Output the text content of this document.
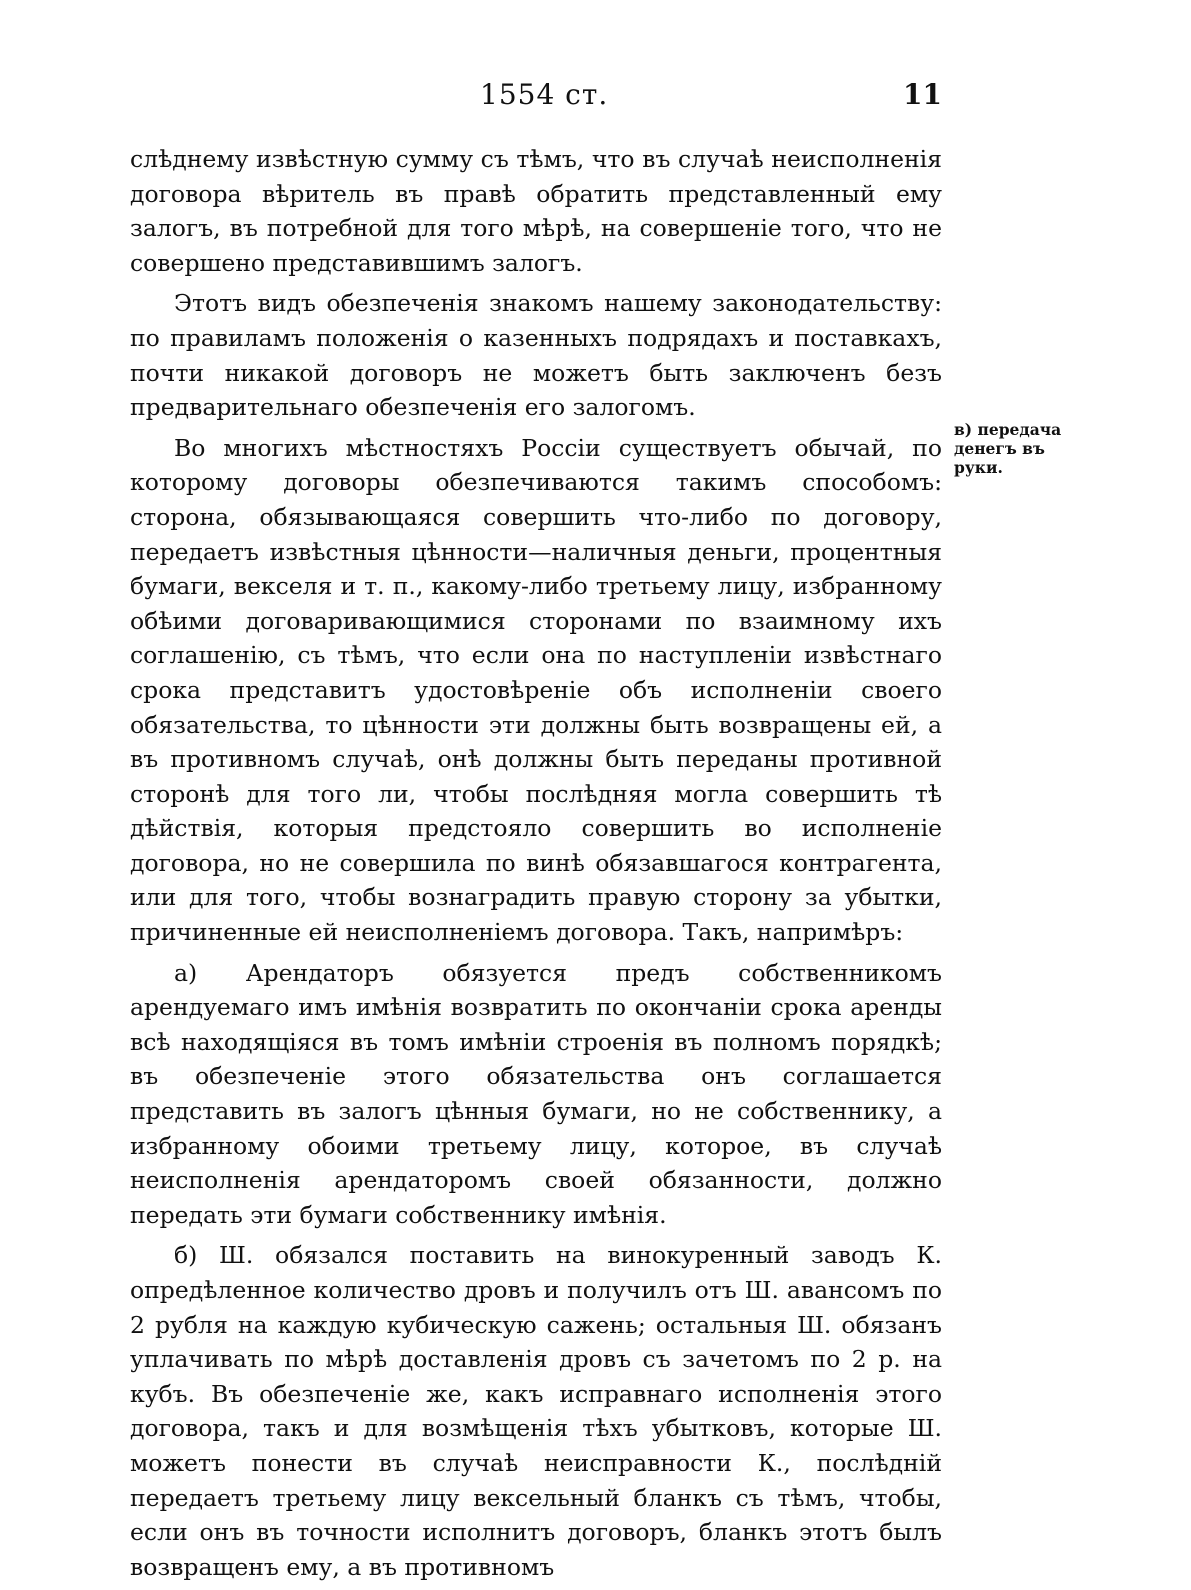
1554 ст.	11

слѣднему извѣстную сумму съ тѣмъ, что въ случаѣ неисполненія договора вѣритель въ правѣ обратить представленный ему залогъ, въ потребной для того мѣрѣ, на совершеніе того, что не совершено представившимъ залогъ.

Этотъ видъ обезпеченія знакомъ нашему законодательству: по правиламъ положенія о казенныхъ подрядахъ и поставкахъ, почти никакой договоръ не можетъ быть заключенъ безъ предварительнаго обезпеченія его залогомъ.

Во многихъ мѣстностяхъ Россіи существуетъ обычай, по которому договоры обезпечиваются такимъ способомъ: сторона, обязывающаяся совершить что-либо по договору, передаетъ извѣстныя цѣнности—наличныя деньги, процентныя бумаги, векселя и т. п., какому-либо третьему лицу, избранному обѣими договаривающимися сторонами по взаимному ихъ соглашенію, съ тѣмъ, что если она по наступленіи извѣстнаго срока представитъ удостовѣреніе объ исполненіи своего обязательства, то цѣнности эти должны быть возвращены ей, а въ противномъ случаѣ, онѣ должны быть переданы противной сторонѣ для того ли, чтобы послѣдняя могла совершить тѣ дѣйствія, которыя предстояло совершить во исполненіе договора, но не совершила по винѣ обязавшагося контрагента, или для того, чтобы вознаградить правую сторону за убытки, причиненные ей неисполненіемъ договора. Такъ, напримѣръ:

а) Арендаторъ обязуется предъ собственникомъ арендуемаго имъ имѣнія возвратить по окончаніи срока аренды всѣ находящіяся въ томъ имѣніи строенія въ полномъ порядкѣ; въ обезпеченіе этого обязательства онъ соглашается представить въ залогъ цѣнныя бумаги, но не собственнику, а избранному обоими третьему лицу, которое, въ случаѣ неисполненія арендаторомъ своей обязанности, должно передать эти бумаги собственнику имѣнія.

б) Ш. обязался поставить на винокуренный заводъ К. опредѣленное количество дровъ и получилъ отъ Ш. авансомъ по 2 рубля на каждую кубическую сажень; остальныя Ш. обязанъ уплачивать по мѣрѣ доставленія дровъ съ зачетомъ по 2 р. на кубъ. Въ обезпеченіе же, какъ исправнаго исполненія этого договора, такъ и для возмѣщенія тѣхъ убытковъ, которые Ш. можетъ понести въ случаѣ неисправности К., послѣдній передаетъ третьему лицу вексельный бланкъ съ тѣмъ, чтобы, если онъ въ точности исполнитъ договоръ, бланкъ этотъ былъ возвращенъ ему, а въ противномъ

в) передача денегъ въ руки.
